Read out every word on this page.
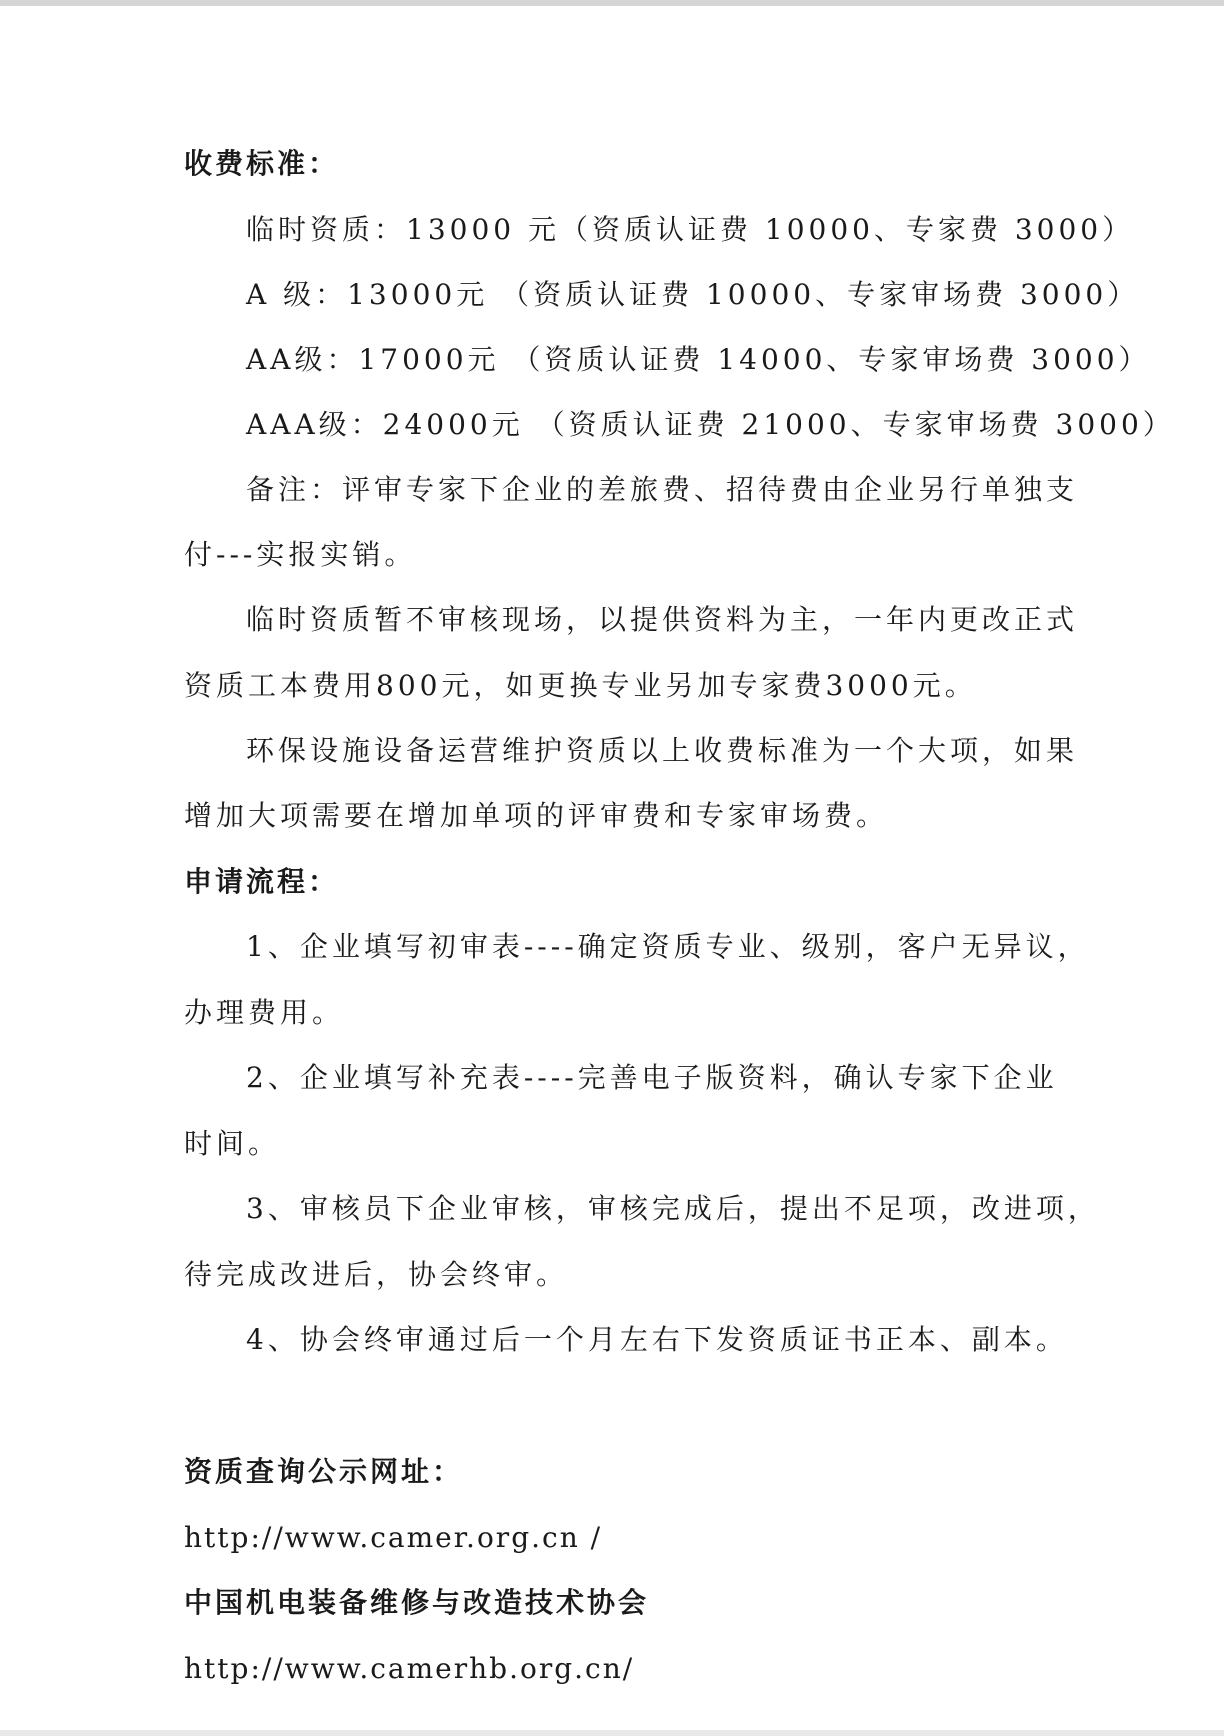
收费标准：
临时资质：13000 元（资质认证费 10000、专家费 3000）
A 级：13000元 （资质认证费 10000、专家审场费 3000）
AA级：17000元 （资质认证费 14000、专家审场费 3000）
AAA级：24000元 （资质认证费 21000、专家审场费 3000）
备注：评审专家下企业的差旅费、招待费由企业另行单独支
付---实报实销。
临时资质暂不审核现场，以提供资料为主，一年内更改正式
资质工本费用800元，如更换专业另加专家费3000元。
环保设施设备运营维护资质以上收费标准为一个大项，如果
增加大项需要在增加单项的评审费和专家审场费。
申请流程：
1、企业填写初审表----确定资质专业、级别，客户无异议，
办理费用。
2、企业填写补充表----完善电子版资料，确认专家下企业
时间。
3、审核员下企业审核，审核完成后，提出不足项，改进项，
待完成改进后，协会终审。
4、协会终审通过后一个月左右下发资质证书正本、副本。
资质查询公示网址：
http://www.camer.org.cn /
中国机电装备维修与改造技术协会
http://www.camerhb.org.cn/
